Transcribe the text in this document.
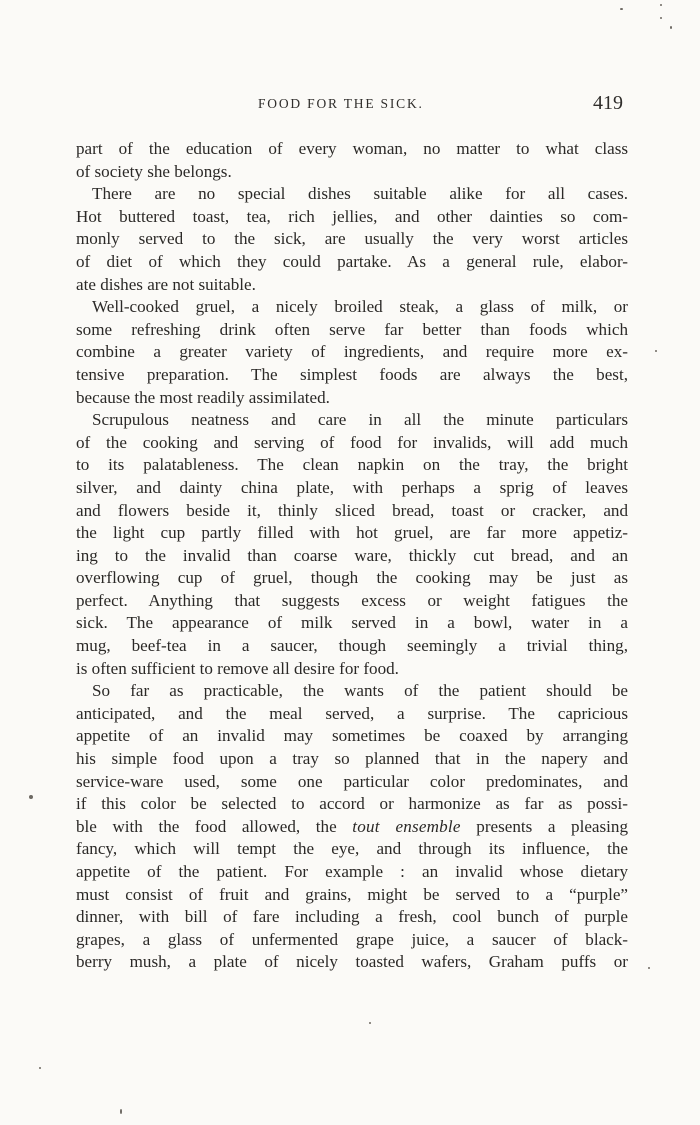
FOOD FOR THE SICK.	419
part of the education of every woman, no matter to what class
of society she belongs.
There are no special dishes suitable alike for all cases.
Hot buttered toast, tea, rich jellies, and other dainties so com-
monly served to the sick, are usually the very worst articles
of diet of which they could partake. As a general rule, elabor-
ate dishes are not suitable.
Well-cooked gruel, a nicely broiled steak, a glass of milk, or
some refreshing drink often serve far better than foods which
combine a greater variety of ingredients, and require more ex-
tensive preparation. The simplest foods are always the best,
because the most readily assimilated.
Scrupulous neatness and care in all the minute particulars
of the cooking and serving of food for invalids, will add much
to its palatableness. The clean napkin on the tray, the bright
silver, and dainty china plate, with perhaps a sprig of leaves
and flowers beside it, thinly sliced bread, toast or cracker, and
the light cup partly filled with hot gruel, are far more appetiz-
ing to the invalid than coarse ware, thickly cut bread, and an
overflowing cup of gruel, though the cooking may be just as
perfect. Anything that suggests excess or weight fatigues the
sick. The appearance of milk served in a bowl, water in a
mug, beef-tea in a saucer, though seemingly a trivial thing,
is often sufficient to remove all desire for food.
So far as practicable, the wants of the patient should be
anticipated, and the meal served, a surprise. The capricious
appetite of an invalid may sometimes be coaxed by arranging
his simple food upon a tray so planned that in the napery and
service-ware used, some one particular color predominates, and
if this color be selected to accord or harmonize as far as possi-
ble with the food allowed, the tout ensemble presents a pleasing
fancy, which will tempt the eye, and through its influence, the
appetite of the patient. For example : an invalid whose dietary
must consist of fruit and grains, might be served to a “purple”
dinner, with bill of fare including a fresh, cool bunch of purple
grapes, a glass of unfermented grape juice, a saucer of black-
berry mush, a plate of nicely toasted wafers, Graham puffs or
